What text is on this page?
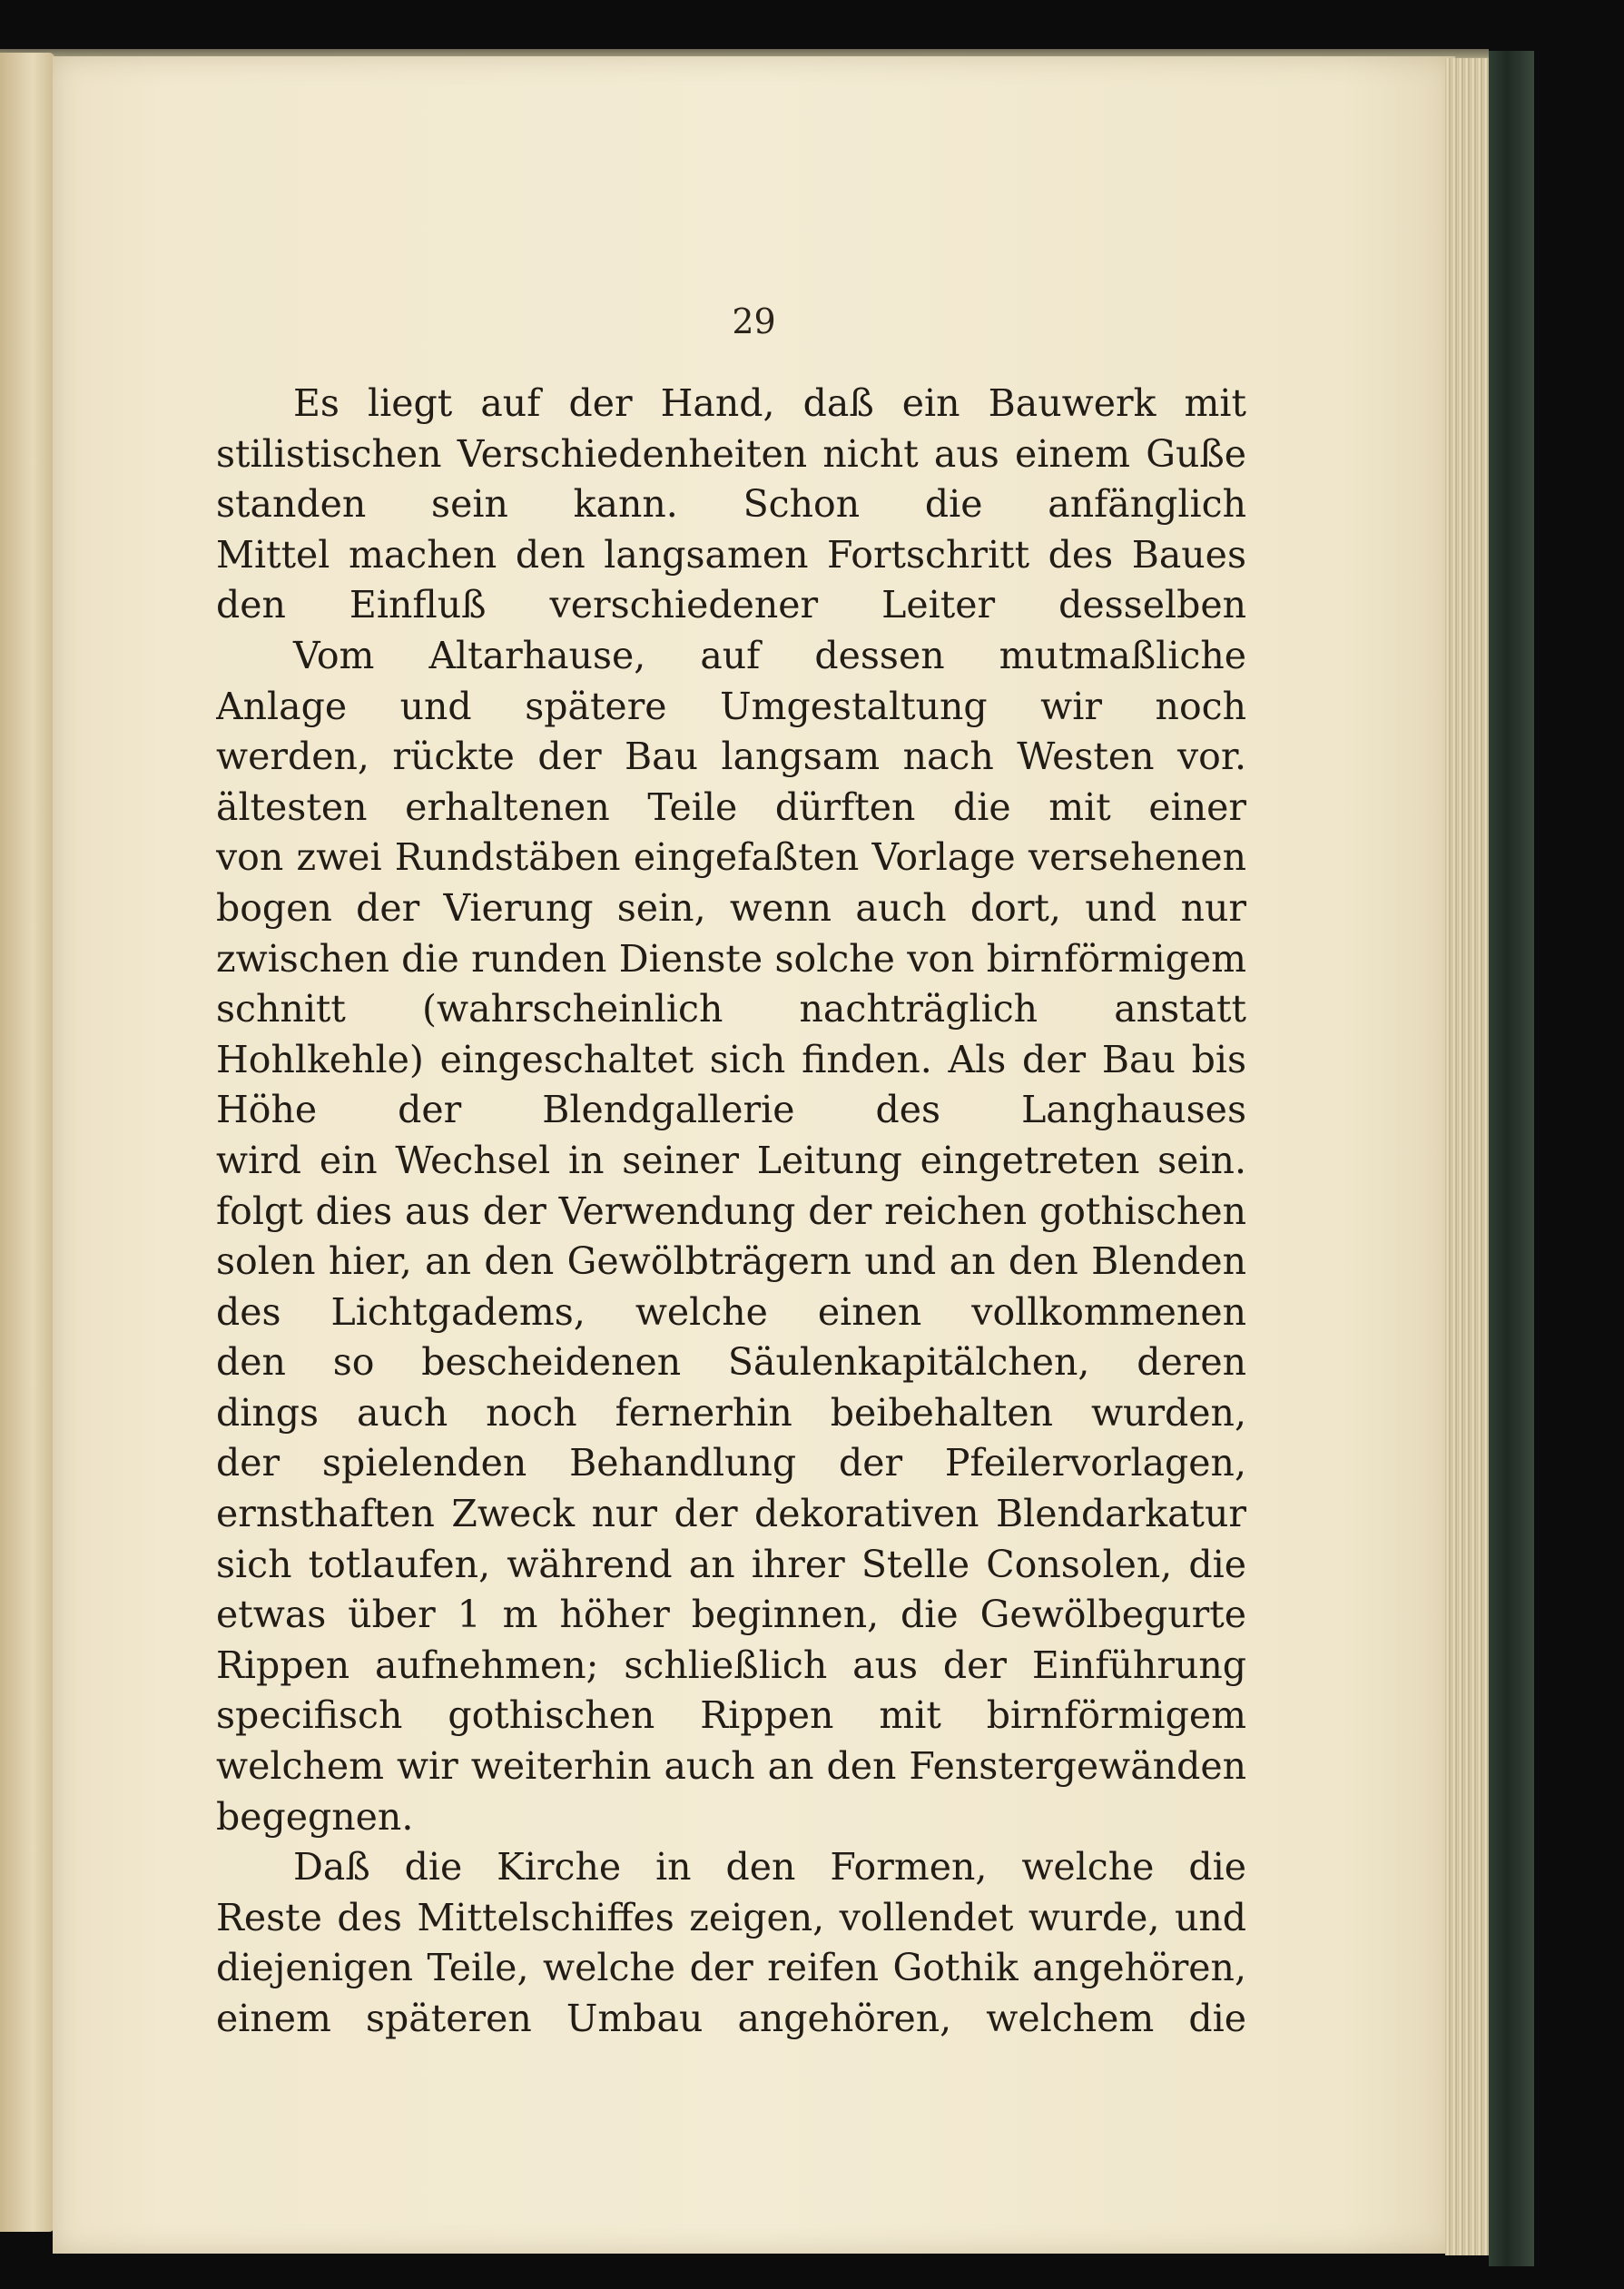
29
Es liegt auf der Hand, daß ein Bauwerk mit
stilistischen Verschiedenheiten nicht aus einem Guße
standen sein kann. Schon die anfänglich
Mittel machen den langsamen Fortschritt des Baues
den Einfluß verschiedener Leiter desselben
Vom Altarhause, auf dessen mutmaßliche
Anlage und spätere Umgestaltung wir noch
werden, rückte der Bau langsam nach Westen vor.
ältesten erhaltenen Teile dürften die mit einer
von zwei Rundstäben eingefaßten Vorlage versehenen
bogen der Vierung sein, wenn auch dort, und nur
zwischen die runden Dienste solche von birnförmigem
schnitt (wahrscheinlich nachträglich anstatt
Hohlkehle) eingeschaltet sich finden. Als der Bau bis
Höhe der Blendgallerie des Langhauses
wird ein Wechsel in seiner Leitung eingetreten sein.
folgt dies aus der Verwendung der reichen gothischen
solen hier, an den Gewölbträgern und an den Blenden
des Lichtgadems, welche einen vollkommenen
den so bescheidenen Säulenkapitälchen, deren
dings auch noch fernerhin beibehalten wurden,
der spielenden Behandlung der Pfeilervorlagen,
ernsthaften Zweck nur der dekorativen Blendarkatur
sich totlaufen, während an ihrer Stelle Consolen, die
etwas über 1 m höher beginnen, die Gewölbegurte
Rippen aufnehmen; schließlich aus der Einführung
specifisch gothischen Rippen mit birnförmigem
welchem wir weiterhin auch an den Fenstergewänden
begegnen.
Daß die Kirche in den Formen, welche die
Reste des Mittelschiffes zeigen, vollendet wurde, und
diejenigen Teile, welche der reifen Gothik angehören,
einem späteren Umbau angehören, welchem die
